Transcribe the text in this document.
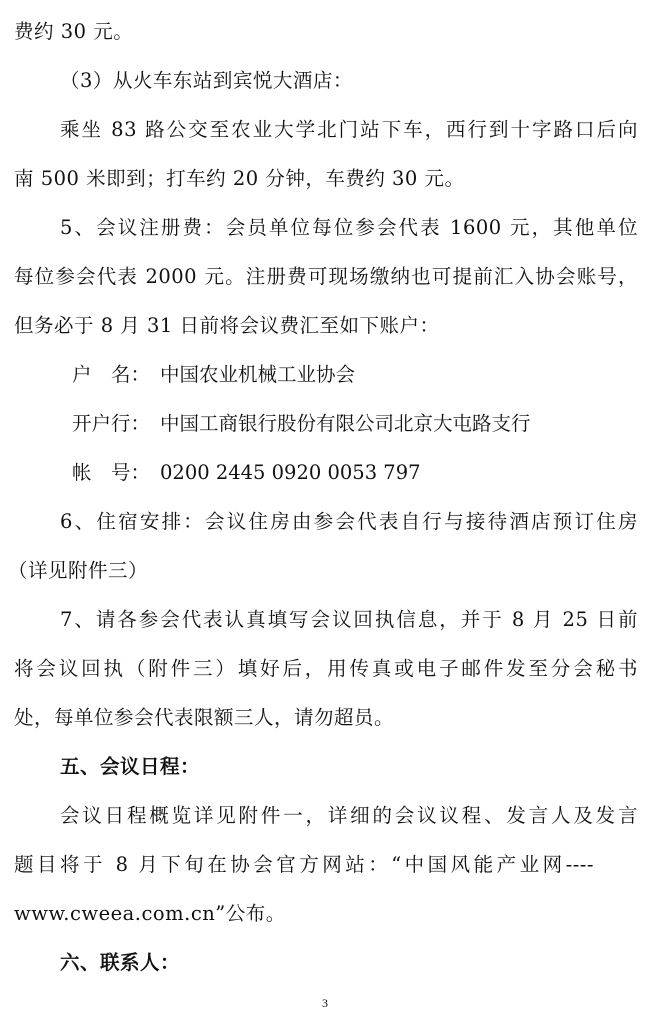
费约 30 元。
（3）从火车东站到宾悦大酒店：
乘坐 83 路公交至农业大学北门站下车，西行到十字路口后向
南 500 米即到；打车约 20 分钟，车费约 30 元。
5、会议注册费：会员单位每位参会代表 1600 元，其他单位
每位参会代表 2000 元。注册费可现场缴纳也可提前汇入协会账号，
但务必于 8 月 31 日前将会议费汇至如下账户：
户　名： 中国农业机械工业协会
开户行： 中国工商银行股份有限公司北京大屯路支行
帐　号： 0200 2445 0920 0053 797
6、住宿安排：会议住房由参会代表自行与接待酒店预订住房
（详见附件三）
7、请各参会代表认真填写会议回执信息，并于 8 月 25 日前
将会议回执（附件三）填好后，用传真或电子邮件发至分会秘书
处，每单位参会代表限额三人，请勿超员。
五、会议日程：
会议日程概览详见附件一，详细的会议议程、发言人及发言
题目将于 8 月下旬在协会官方网站：“中国风能产业网----
www.cweea.com.cn”公布。
六、联系人：
3
